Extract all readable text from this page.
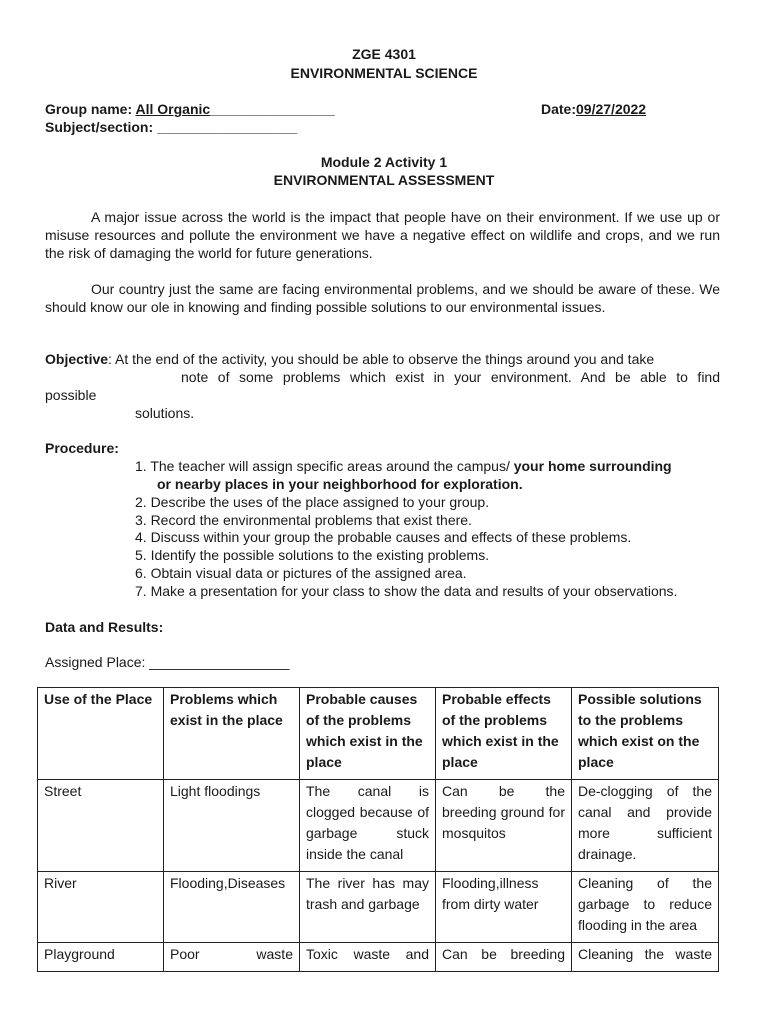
ZGE 4301
ENVIRONMENTAL SCIENCE
Group name: All Organic________________	Date:09/27/2022
Subject/section: __________________
Module 2 Activity 1
ENVIRONMENTAL ASSESSMENT
A major issue across the world is the impact that people have on their environment. If we use up or misuse resources and pollute the environment we have a negative effect on wildlife and crops, and we run the risk of damaging the world for future generations.
Our country just the same are facing environmental problems, and we should be aware of these. We should know our ole in knowing and finding possible solutions to our environmental issues.
Objective: At the end of the activity, you should be able to observe the things around you and take
note of some problems which exist in your environment. And be able to find
possible
solutions.
Procedure:
1. The teacher will assign specific areas around the campus/ your home surrounding
or nearby places in your neighborhood for exploration.
2. Describe the uses of the place assigned to your group.
3. Record the environmental problems that exist there.
4. Discuss within your group the probable causes and effects of these problems.
5. Identify the possible solutions to the existing problems.
6. Obtain visual data or pictures of the assigned area.
7. Make a presentation for your class to show the data and results of your observations.
Data and Results:
Assigned Place: __________________
Use of the Place	Problems which exist in the place	Probable causes of the problems which exist in the place	Probable effects of the problems which exist in the place	Possible solutions to the problems which exist on the place
Street	Light floodings	The canal is clogged because of garbage stuck inside the canal	Can be the breeding ground for mosquitos	De-clogging of the canal and provide more sufficient drainage.
River	Flooding,Diseases	The river has may trash and garbage	Flooding,illness from dirty water	Cleaning of the garbage to reduce flooding in the area
Playground	Poor waste	Toxic waste and	Can be breeding	Cleaning the waste
